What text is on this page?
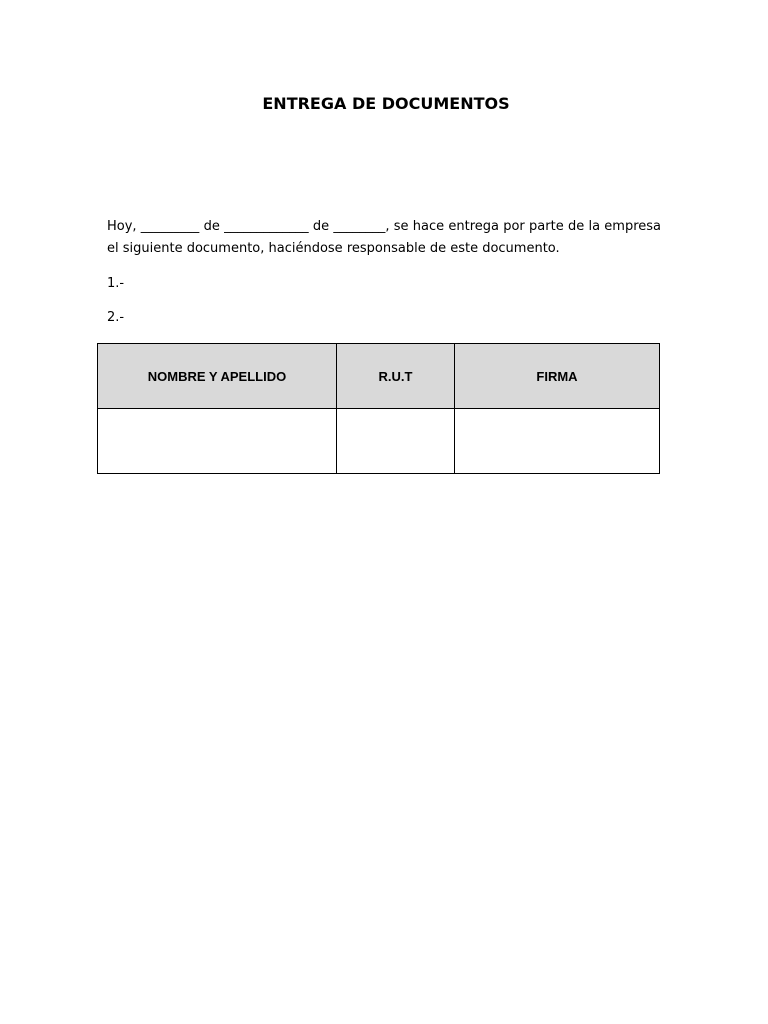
ENTREGA DE DOCUMENTOS
Hoy, _________ de _____________ de ________, se hace entrega por parte de la empresa el siguiente documento, haciéndose responsable de este documento.
1.-
2.-
NOMBRE Y APELLIDO	R.U.T	FIRMA
